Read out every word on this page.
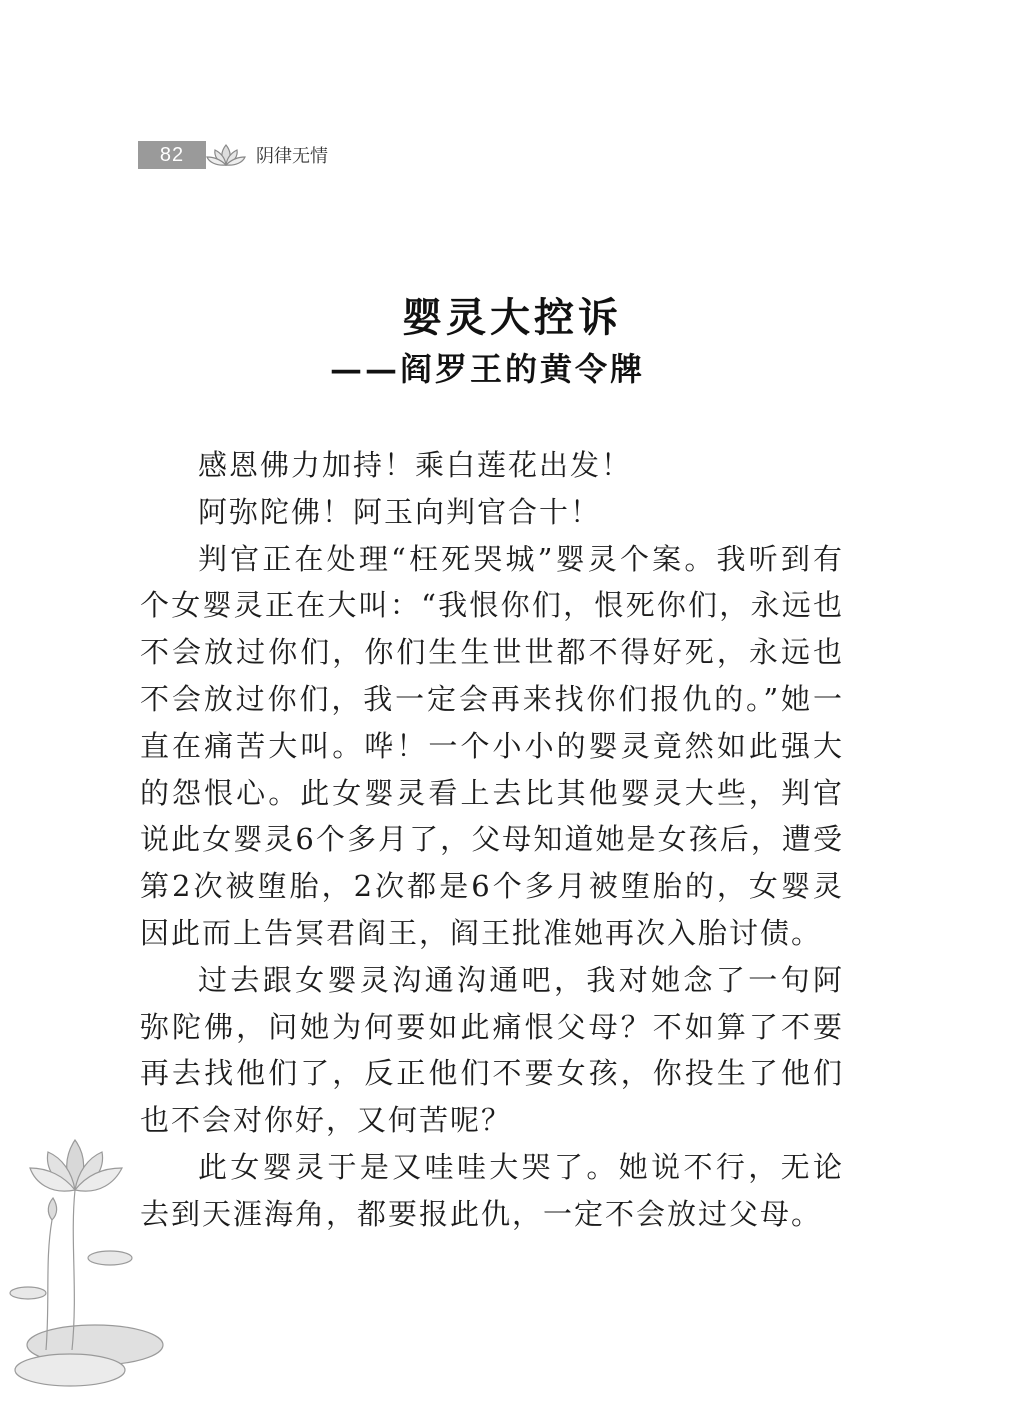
82	阴律无情
婴灵大控诉
——阎罗王的黄令牌

感恩佛力加持！乘白莲花出发！

阿弥陀佛！阿玉向判官合十！

判官正在处理“枉死哭城”婴灵个案。我听到有个女婴灵正在大叫：“我恨你们，恨死你们，永远也不会放过你们，你们生生世世都不得好死，永远也不会放过你们，我一定会再来找你们报仇的。”她一直在痛苦大叫。哗！一个小小的婴灵竟然如此强大的怨恨心。此女婴灵看上去比其他婴灵大些，判官说此女婴灵6个多月了，父母知道她是女孩后，遭受第2次被堕胎，2次都是6个多月被堕胎的，女婴灵因此而上告冥君阎王，阎王批准她再次入胎讨债。

过去跟女婴灵沟通沟通吧，我对她念了一句阿弥陀佛，问她为何要如此痛恨父母？不如算了不要再去找他们了，反正他们不要女孩，你投生了他们也不会对你好，又何苦呢？

此女婴灵于是又哇哇大哭了。她说不行，无论去到天涯海角，都要报此仇，一定不会放过父母。
